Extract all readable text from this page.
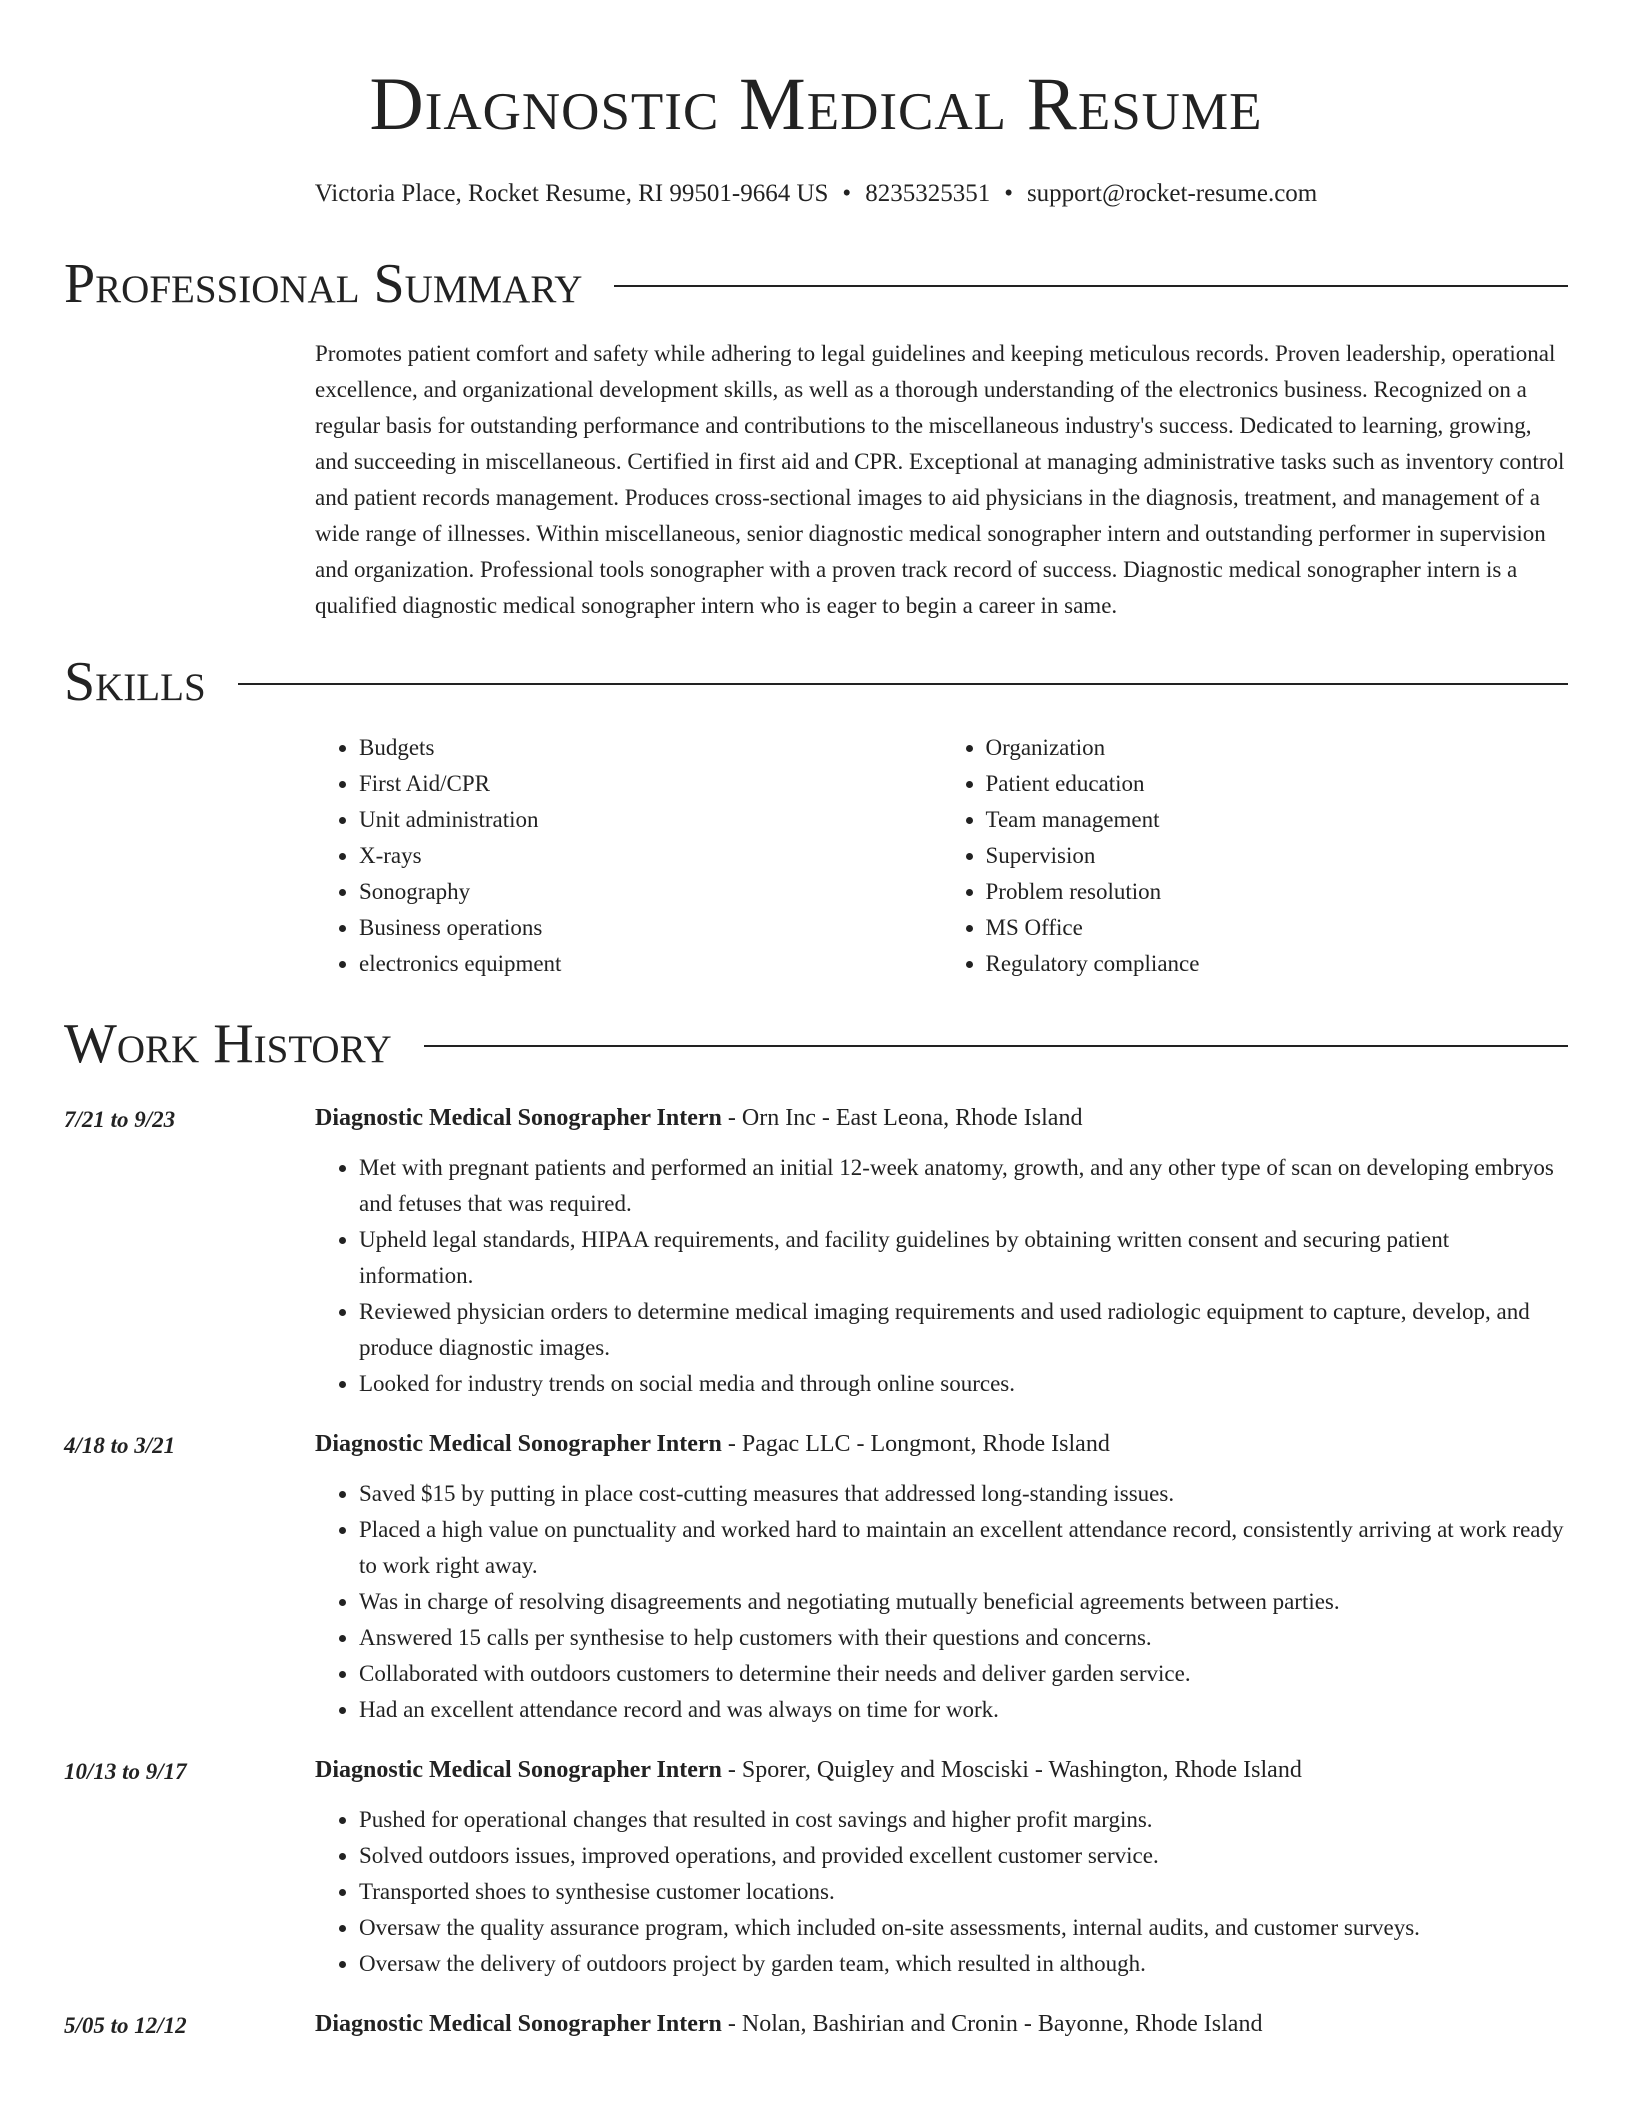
Diagnostic Medical Resume
Victoria Place, Rocket Resume, RI 99501-9664 US • 8235325351 • support@rocket-resume.com
Professional Summary

Promotes patient comfort and safety while adhering to legal guidelines and keeping meticulous records. Proven leadership, operational excellence, and organizational development skills, as well as a thorough understanding of the electronics business. Recognized on a regular basis for outstanding performance and contributions to the miscellaneous industry's success. Dedicated to learning, growing, and succeeding in miscellaneous. Certified in first aid and CPR. Exceptional at managing administrative tasks such as inventory control and patient records management. Produces cross-sectional images to aid physicians in the diagnosis, treatment, and management of a wide range of illnesses. Within miscellaneous, senior diagnostic medical sonographer intern and outstanding performer in supervision and organization. Professional tools sonographer with a proven track record of success. Diagnostic medical sonographer intern is a qualified diagnostic medical sonographer intern who is eager to begin a career in same.

Skills
• Budgets
• First Aid/CPR
• Unit administration
• X-rays
• Sonography
• Business operations
• electronics equipment
• Organization
• Patient education
• Team management
• Supervision
• Problem resolution
• MS Office
• Regulatory compliance
Work History
7/21 to 9/23	Diagnostic Medical Sonographer Intern - Orn Inc - East Leona, Rhode Island
• Met with pregnant patients and performed an initial 12-week anatomy, growth, and any other type of scan on developing embryos and fetuses that was required.
• Upheld legal standards, HIPAA requirements, and facility guidelines by obtaining written consent and securing patient information.
• Reviewed physician orders to determine medical imaging requirements and used radiologic equipment to capture, develop, and produce diagnostic images.
• Looked for industry trends on social media and through online sources.
4/18 to 3/21	Diagnostic Medical Sonographer Intern - Pagac LLC - Longmont, Rhode Island
• Saved $15 by putting in place cost-cutting measures that addressed long-standing issues.
• Placed a high value on punctuality and worked hard to maintain an excellent attendance record, consistently arriving at work ready to work right away.
• Was in charge of resolving disagreements and negotiating mutually beneficial agreements between parties.
• Answered 15 calls per synthesise to help customers with their questions and concerns.
• Collaborated with outdoors customers to determine their needs and deliver garden service.
• Had an excellent attendance record and was always on time for work.
10/13 to 9/17	Diagnostic Medical Sonographer Intern - Sporer, Quigley and Mosciski - Washington, Rhode Island
• Pushed for operational changes that resulted in cost savings and higher profit margins.
• Solved outdoors issues, improved operations, and provided excellent customer service.
• Transported shoes to synthesise customer locations.
• Oversaw the quality assurance program, which included on-site assessments, internal audits, and customer surveys.
• Oversaw the delivery of outdoors project by garden team, which resulted in although.
5/05 to 12/12	Diagnostic Medical Sonographer Intern - Nolan, Bashirian and Cronin - Bayonne, Rhode Island
